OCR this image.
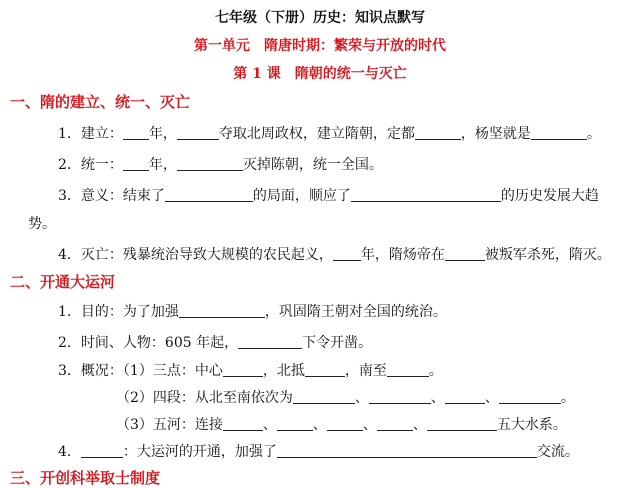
七年级（下册）历史：知识点默写
第一单元　隋唐时期：繁荣与开放的时代
第 1 课　隋朝的统一与灭亡
一、隋的建立、统一、灭亡
1．建立： 年，	夺取北周政权，建立隋朝，定都	，杨坚就是	。
2．统一： 年，	灭掉陈朝，统一全国。
3．意义：结束了	的局面，顺应了	的历史发展大趋
势。
4．灭亡：残暴统治导致大规模的农民起义， 年，隋炀帝在	被叛军杀死，隋灭。
二、开通大运河
1．目的：为了加强	，巩固隋王朝对全国的统治。
2．时间、人物：605 年起，	下令开凿。
3．概况：（1）三点：中心	，北抵	，南至	。
（2）四段：从北至南依次为	、	、	、	。
（3）五河：连接	、	、	、	、	五大水系。
4．	：大运河的开通，加强了	交流。
三、开创科举取士制度
